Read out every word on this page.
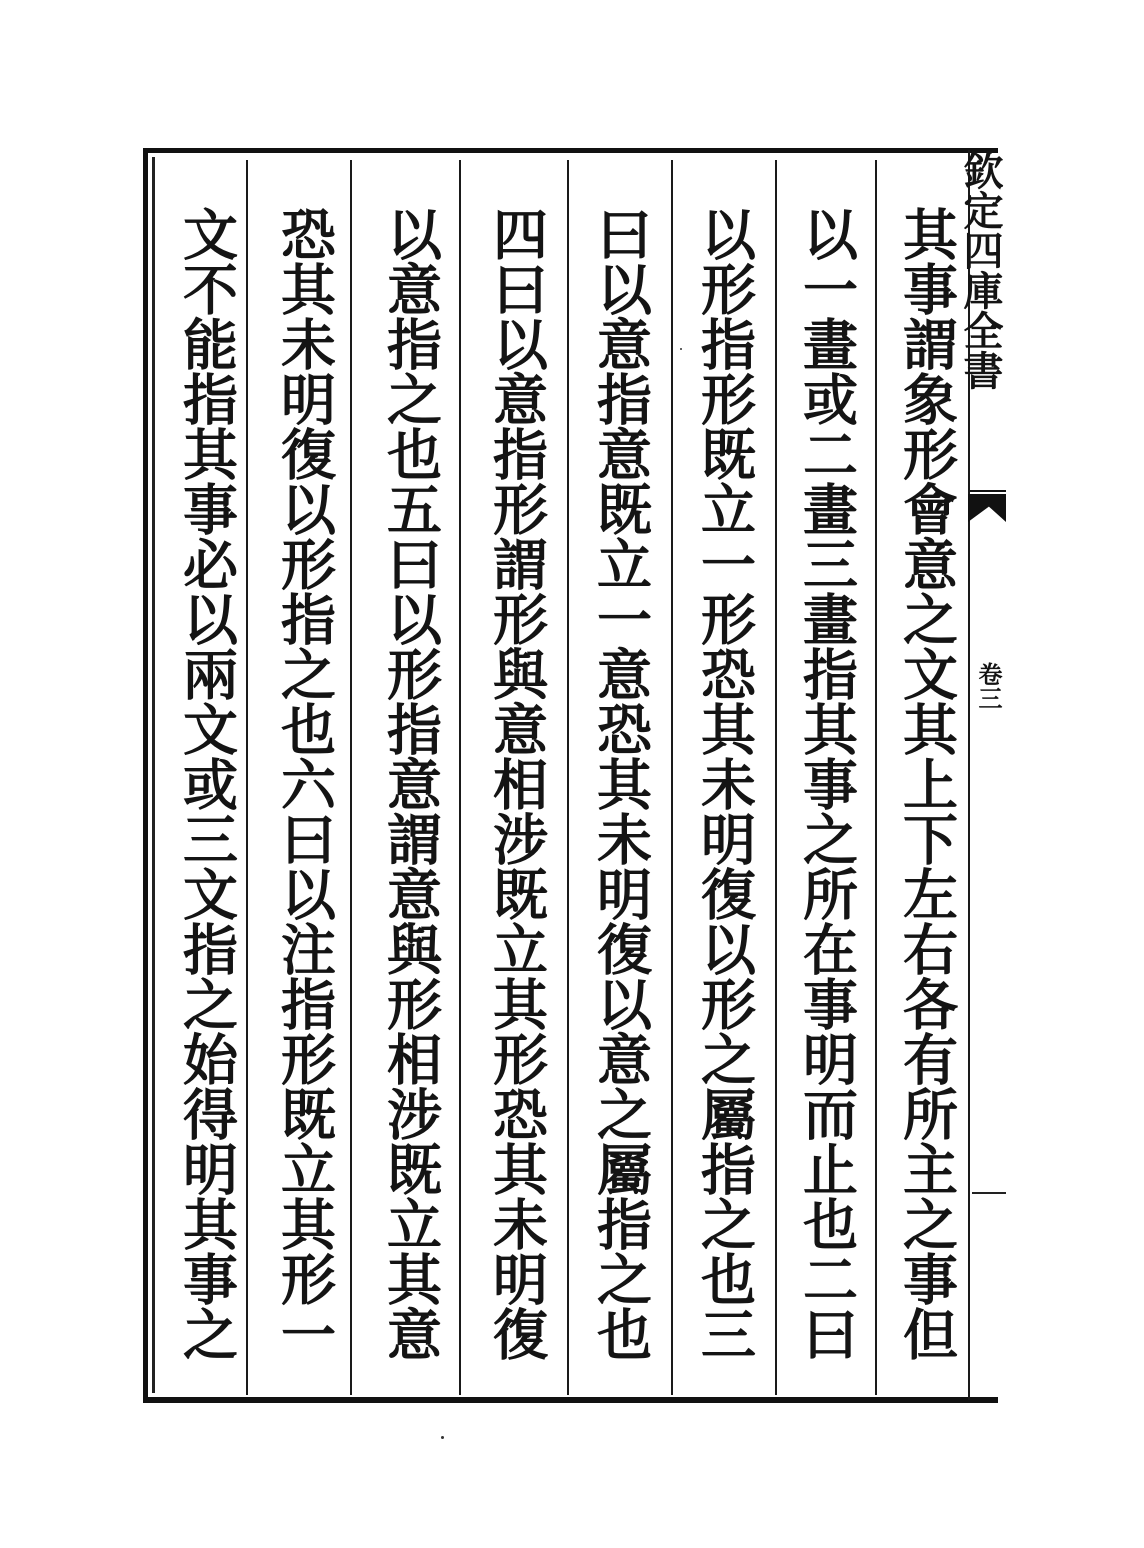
其事謂象形會意之文其上下左右各有所主之事但
以一畫或二畫三畫指其事之所在事明而止也二曰
以形指形既立一形恐其未明復以形之屬指之也三
曰以意指意既立一意恐其未明復以意之屬指之也
四曰以意指形謂形與意相涉既立其形恐其未明復
以意指之也五曰以形指意謂意與形相涉既立其意
恐其未明復以形指之也六曰以注指形既立其形一
文不能指其事必以兩文或三文指之始得明其事之	欽定四庫全書
卷三
